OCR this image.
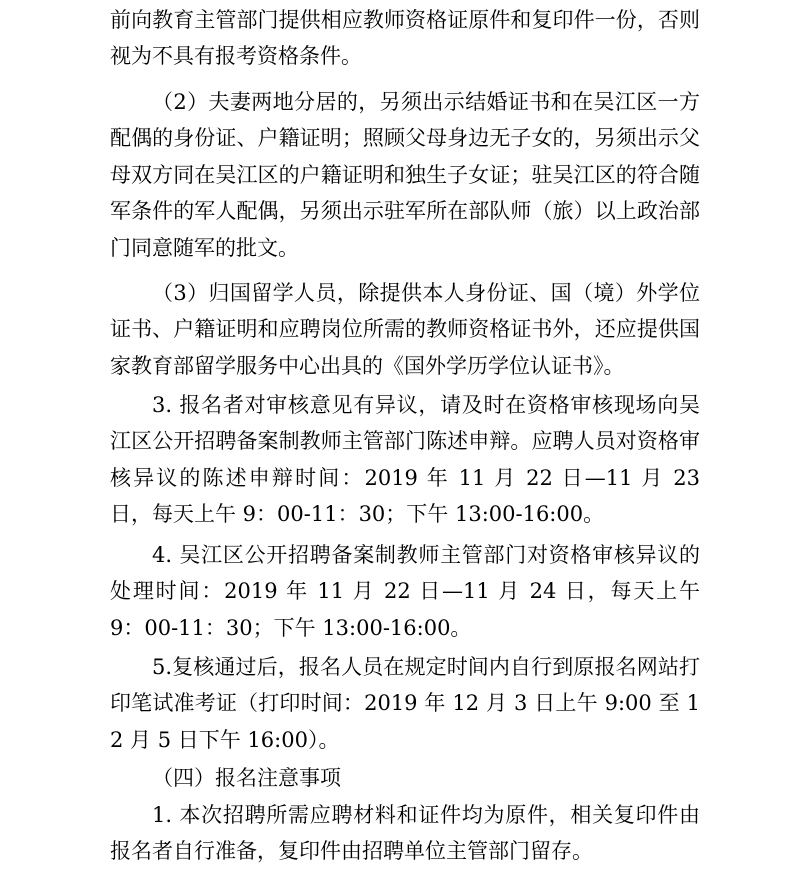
前向教育主管部门提供相应教师资格证原件和复印件一份，否则视为不具有报考资格条件。

（2）夫妻两地分居的，另须出示结婚证书和在吴江区一方配偶的身份证、户籍证明；照顾父母身边无子女的，另须出示父母双方同在吴江区的户籍证明和独生子女证；驻吴江区的符合随军条件的军人配偶，另须出示驻军所在部队师（旅）以上政治部门同意随军的批文。

（3）归国留学人员，除提供本人身份证、国（境）外学位证书、户籍证明和应聘岗位所需的教师资格证书外，还应提供国家教育部留学服务中心出具的《国外学历学位认证书》。

3. 报名者对审核意见有异议，请及时在资格审核现场向吴江区公开招聘备案制教师主管部门陈述申辩。应聘人员对资格审核异议的陈述申辩时间：2019 年 11 月 22 日—11 月 23 日，每天上午 9：00-11：30；下午 13:00-16:00。

4. 吴江区公开招聘备案制教师主管部门对资格审核异议的处理时间：2019 年 11 月 22 日—11 月 24 日，每天上午 9：00-11：30；下午 13:00-16:00。

5.复核通过后，报名人员在规定时间内自行到原报名网站打印笔试准考证（打印时间：2019 年 12 月 3 日上午 9:00 至 12 月 5 日下午 16:00）。

（四）报名注意事项

1. 本次招聘所需应聘材料和证件均为原件，相关复印件由报名者自行准备，复印件由招聘单位主管部门留存。
